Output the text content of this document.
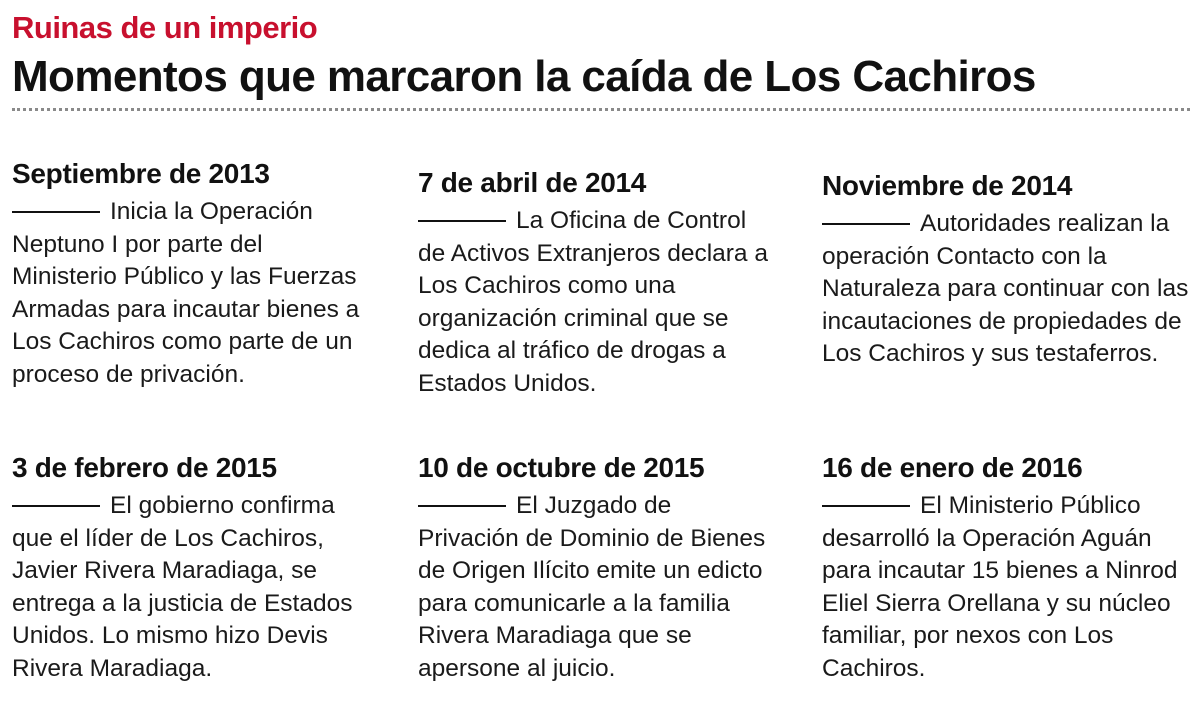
Ruinas de un imperio
Momentos que marcaron la caída de Los Cachiros
Septiembre de 2013

Inicia la Operación Neptuno I por parte del Ministerio Público y las Fuerzas Armadas para incautar bienes a Los Cachiros como parte de un proceso de privación.

7 de abril de 2014

La Oficina de Control de Activos Extranjeros declara a Los Cachiros como una organización criminal que se dedica al tráfico de drogas a Estados Unidos.

Noviembre de 2014

Autoridades realizan la operación Contacto con la Naturaleza para continuar con las incautaciones de propiedades de Los Cachiros y sus testaferros.

3 de febrero de 2015

El gobierno confirma que el líder de Los Cachiros, Javier Rivera Maradiaga, se entrega a la justicia de Estados Unidos. Lo mismo hizo Devis Rivera Maradiaga.

10 de octubre de 2015

El Juzgado de Privación de Dominio de Bienes de Origen Ilícito emite un edicto para comunicarle a la familia Rivera Maradiaga que se apersone al juicio.

16 de enero de 2016

El Ministerio Público desarrolló la Operación Aguán para incautar 15 bienes a Ninrod Eliel Sierra Orellana y su núcleo familiar, por nexos con Los Cachiros.
